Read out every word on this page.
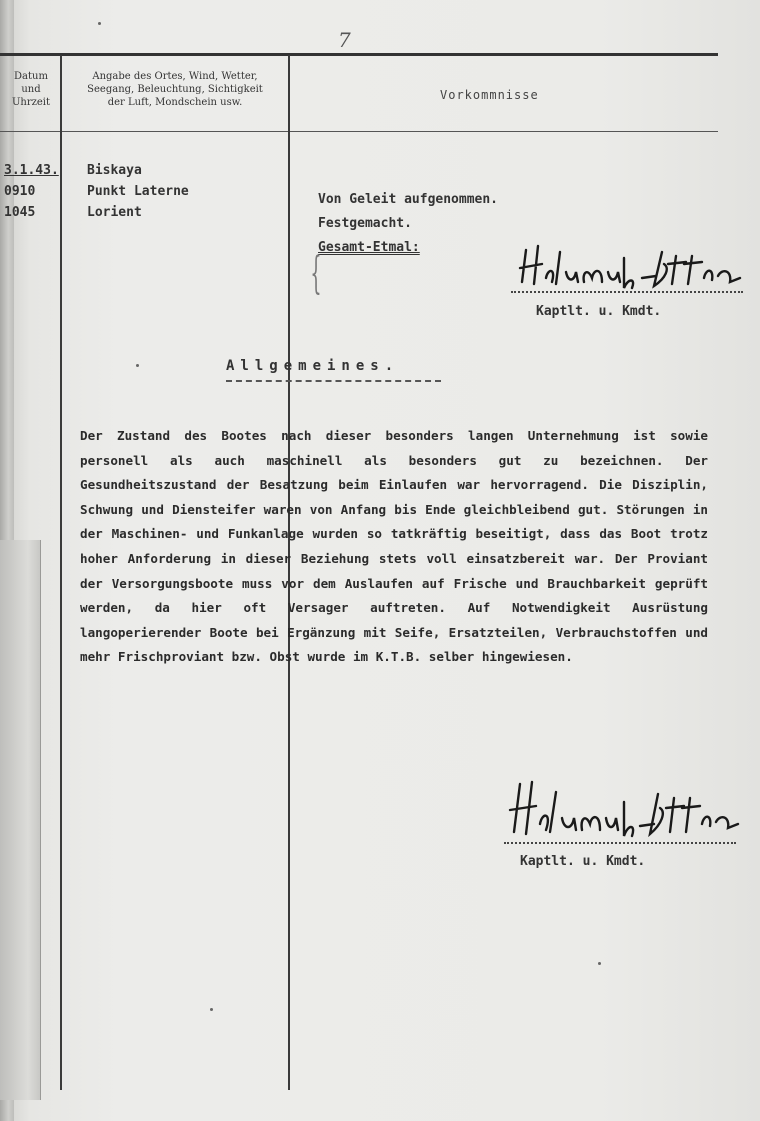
7
Datum
und
Uhrzeit
Angabe des Ortes, Wind, Wetter,
Seegang, Beleuchtung, Sichtigkeit
der Luft, Mondschein usw.
Vorkommnisse
3.1.43.
0910
1045
Biskaya
Punkt Laterne
Lorient
Von Geleit aufgenommen.
Festgemacht.
Gesamt-Etmal:
{
Kaptlt. u. Kmdt.
Allgemeines.

Der Zustand des Bootes nach dieser besonders langen Unternehmung ist sowie personell als auch maschinell als besonders gut zu bezeichnen. Der Gesundheitszustand der Besatzung beim Einlaufen war hervorragend. Die Disziplin, Schwung und Diensteifer waren von Anfang bis Ende gleichbleibend gut. Störungen in der Maschinen- und Funkanlage wurden so tatkräftig beseitigt, dass das Boot trotz hoher Anforderung in dieser Beziehung stets voll einsatzbereit war. Der Proviant der Versorgungsboote muss vor dem Auslaufen auf Frische und Brauchbarkeit geprüft werden, da hier oft Versager auftreten. Auf Notwendigkeit Ausrüstung langoperierender Boote bei Ergänzung mit Seife, Ersatzteilen, Verbrauchstoffen und mehr Frischproviant bzw. Obst wurde im K.T.B. selber hingewiesen.

Kaptlt. u. Kmdt.
